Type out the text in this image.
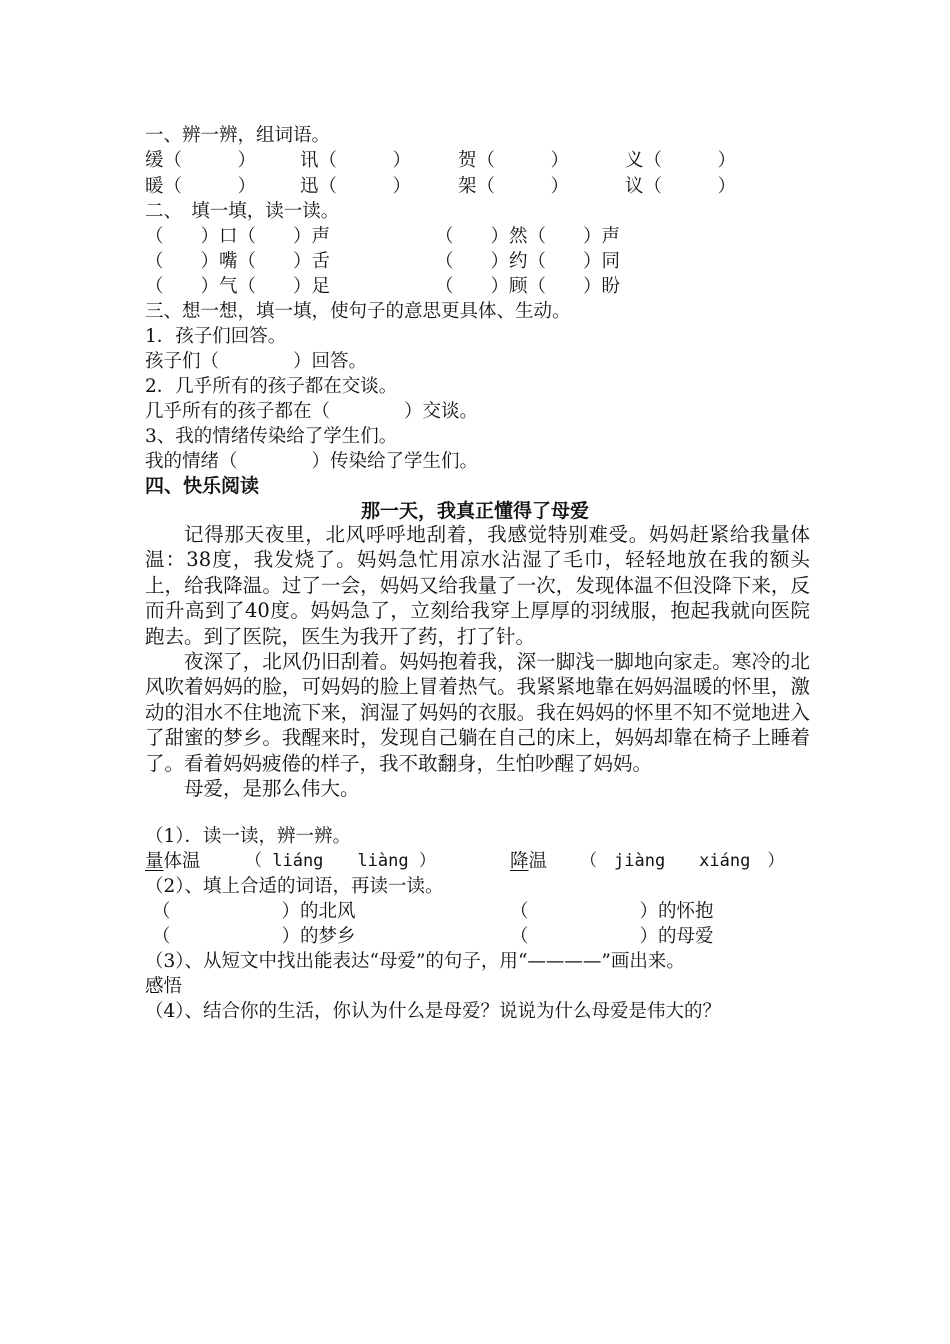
一、辨一辨，组词语。
缓（　　　） 讯（　　　）	贺（　　　）	义（　　　）
暖（　　　） 迅（　　　）	架（　　　）	议（　　　）
二、　填一填，读一读。
（　　）口（　　）声	（　　）然（　　）声
（　　）嘴（　　）舌	（　　）约（　　）同
（　　）气（　　）足	（　　）顾（　　）盼
三、想一想，填一填，使句子的意思更具体、生动。
1．孩子们回答。
孩子们（　　　　）回答。
2．几乎所有的孩子都在交谈。
几乎所有的孩子都在（　　　　）交谈。
3、我的情绪传染给了学生们。
我的情绪（　　　　）传染给了学生们。
四、快乐阅读
那一天，我真正懂得了母爱

记得那天夜里，北风呼呼地刮着，我感觉特别难受。妈妈赶紧给我量体温：38度，我发烧了。妈妈急忙用凉水沾湿了毛巾，轻轻地放在我的额头上，给我降温。过了一会，妈妈又给我量了一次，发现体温不但没降下来，反而升高到了40度。妈妈急了，立刻给我穿上厚厚的羽绒服，抱起我就向医院跑去。到了医院，医生为我开了药，打了针。

夜深了，北风仍旧刮着。妈妈抱着我，深一脚浅一脚地向家走。寒冷的北风吹着妈妈的脸，可妈妈的脸上冒着热气。我紧紧地靠在妈妈温暖的怀里，激动的泪水不住地流下来，润湿了妈妈的衣服。我在妈妈的怀里不知不觉地进入了甜蜜的梦乡。我醒来时，发现自己躺在自己的床上，妈妈却靠在椅子上睡着了。看着妈妈疲倦的样子，我不敢翻身，生怕吵醒了妈妈。

母爱，是那么伟大。

（1）．读一读，辨一辨。
量体温	（ liáng　　liàng ）	降温 （　jiàng　　xiáng　）
（2）、填上合适的词语，再读一读。
（　　　　　　）的北风	（　　　　　　）的怀抱
（　　　　　　）的梦乡	（　　　　　　）的母爱
（3）、从短文中找出能表达“母爱”的句子，用“————”画出来。
感悟
（4）、结合你的生活，你认为什么是母爱？说说为什么母爱是伟大的？
